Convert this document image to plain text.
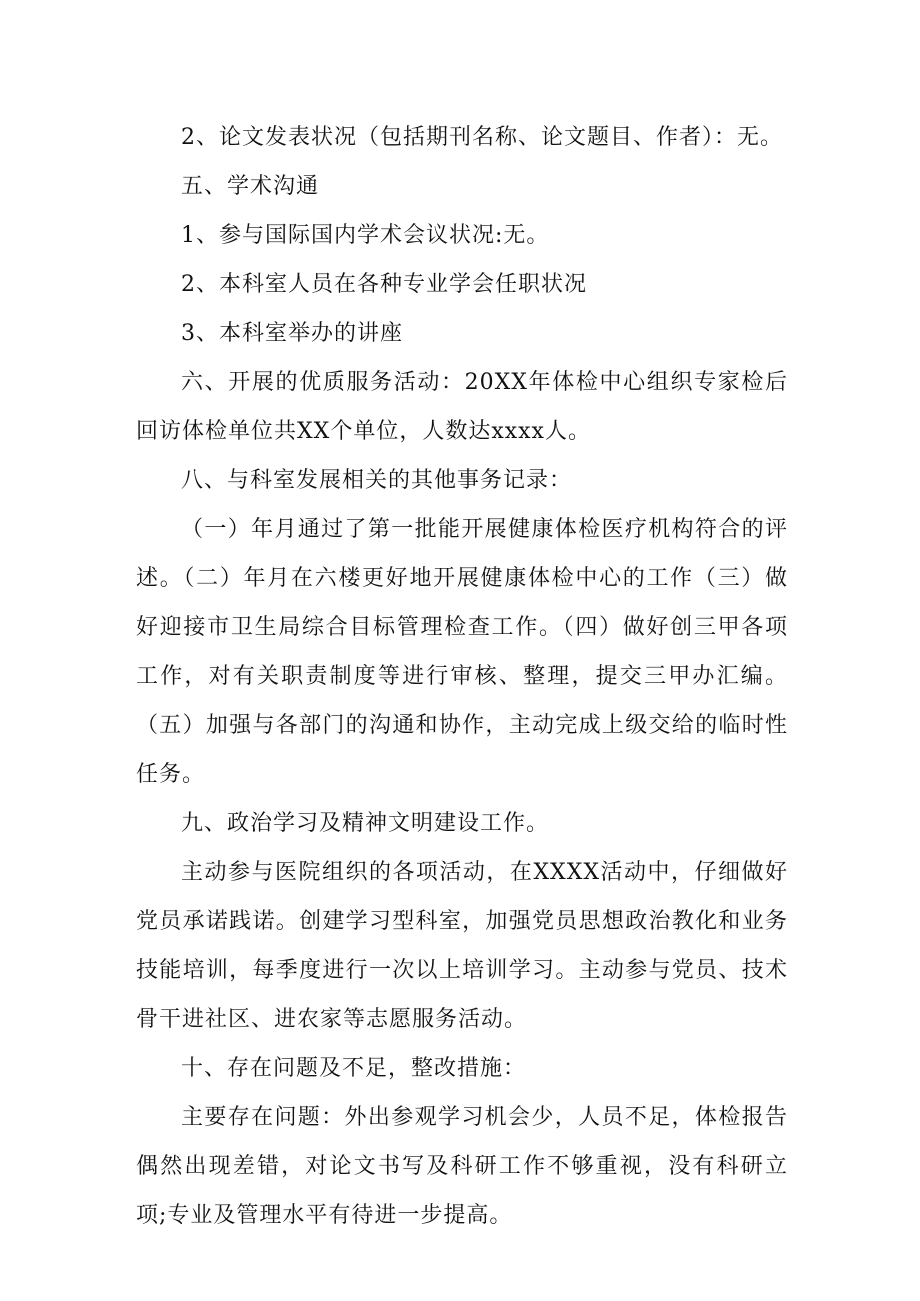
2、论文发表状况（包括期刊名称、论文题目、作者）：无。

五、学术沟通

1、参与国际国内学术会议状况:无。

2、本科室人员在各种专业学会任职状况

3、本科室举办的讲座

六、开展的优质服务活动：20XX年体检中心组织专家检后回访体检单位共XX个单位，人数达xxxx人。

八、与科室发展相关的其他事务记录：

（一）年月通过了第一批能开展健康体检医疗机构符合的评述。（二）年月在六楼更好地开展健康体检中心的工作（三）做好迎接市卫生局综合目标管理检查工作。（四）做好创三甲各项工作，对有关职责制度等进行审核、整理，提交三甲办汇编。（五）加强与各部门的沟通和协作，主动完成上级交给的临时性任务。

九、政治学习及精神文明建设工作。

主动参与医院组织的各项活动，在XXXX活动中，仔细做好党员承诺践诺。创建学习型科室，加强党员思想政治教化和业务技能培训，每季度进行一次以上培训学习。主动参与党员、技术骨干进社区、进农家等志愿服务活动。

十、存在问题及不足，整改措施：

主要存在问题：外出参观学习机会少，人员不足，体检报告偶然出现差错，对论文书写及科研工作不够重视，没有科研立项;专业及管理水平有待进一步提高。
